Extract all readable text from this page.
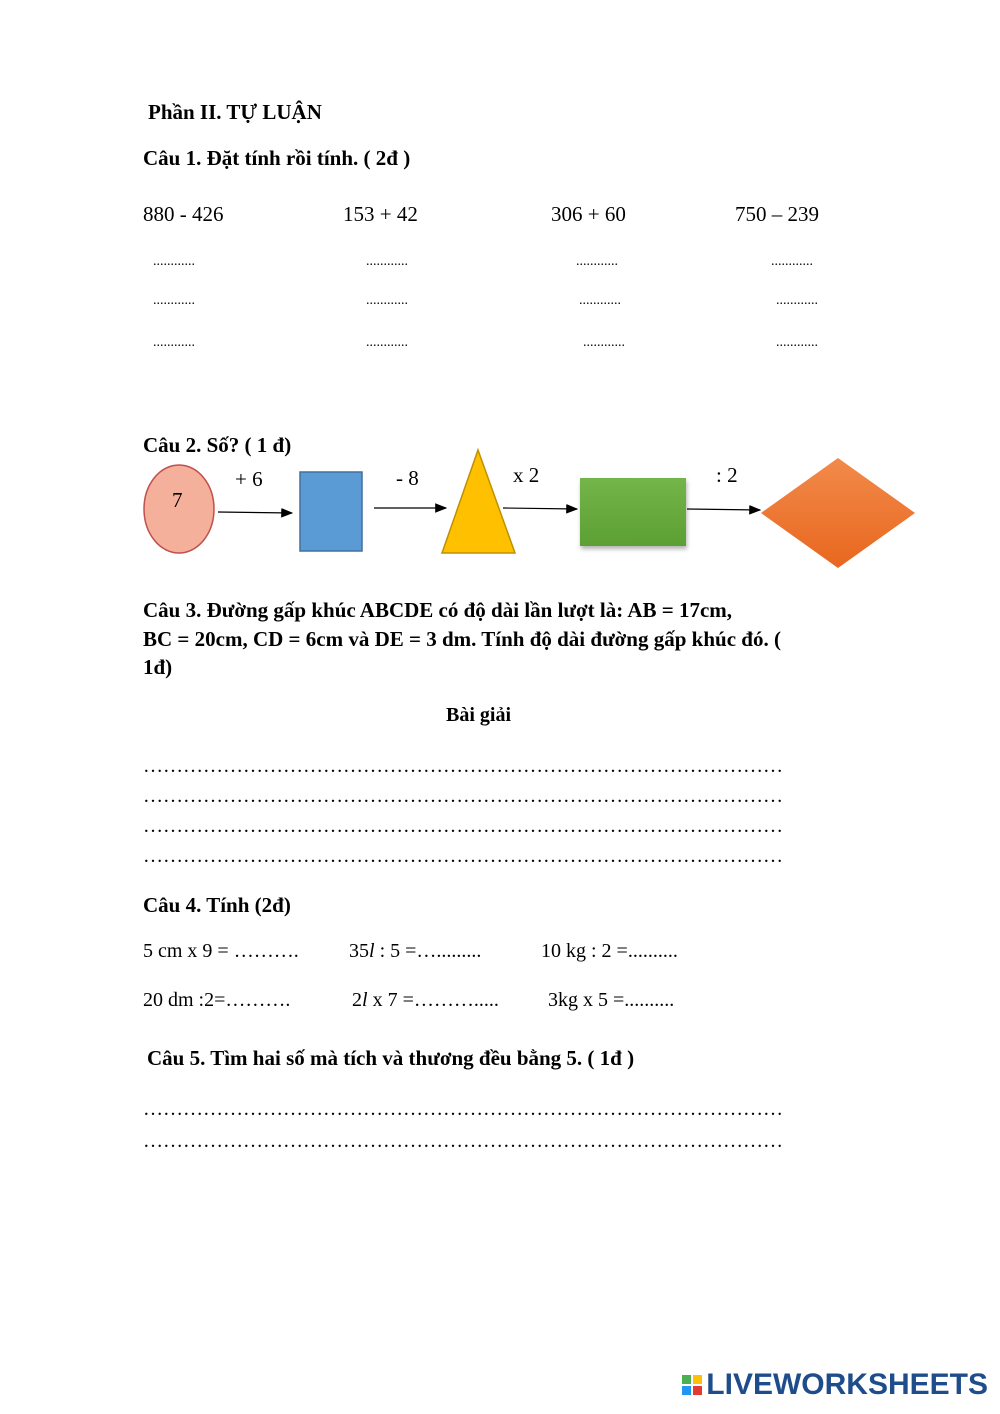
Phần II. TỰ LUẬN
Câu 1. Đặt tính rồi tính. ( 2đ )
880 - 426	153 + 42	306 + 60	750 – 239
............	............	............	............
............	............	............	............
............	............	............	............
Câu 2. Số? ( 1 đ)
7
+ 6	- 8	x 2	: 2
Câu 3. Đường gấp khúc ABCDE có độ dài lần lượt là: AB = 17cm,
BC = 20cm, CD = 6cm và DE = 3 dm. Tính độ dài đường gấp khúc đó. (
1đ)
Bài giải
……………………………………………………………………………………
……………………………………………………………………………………
……………………………………………………………………………………
……………………………………………………………………………………
Câu 4. Tính (2đ)
5 cm x 9 = ……….	35l : 5 =….........	10 kg : 2 =..........
20 dm :2=……….	2l x 7 =………..... 3kg x 5 =..........
Câu 5. Tìm hai số mà tích và thương đều bằng 5. ( 1đ )
……………………………………………………………………………………
……………………………………………………………………………………
LIVEWORKSHEETS
